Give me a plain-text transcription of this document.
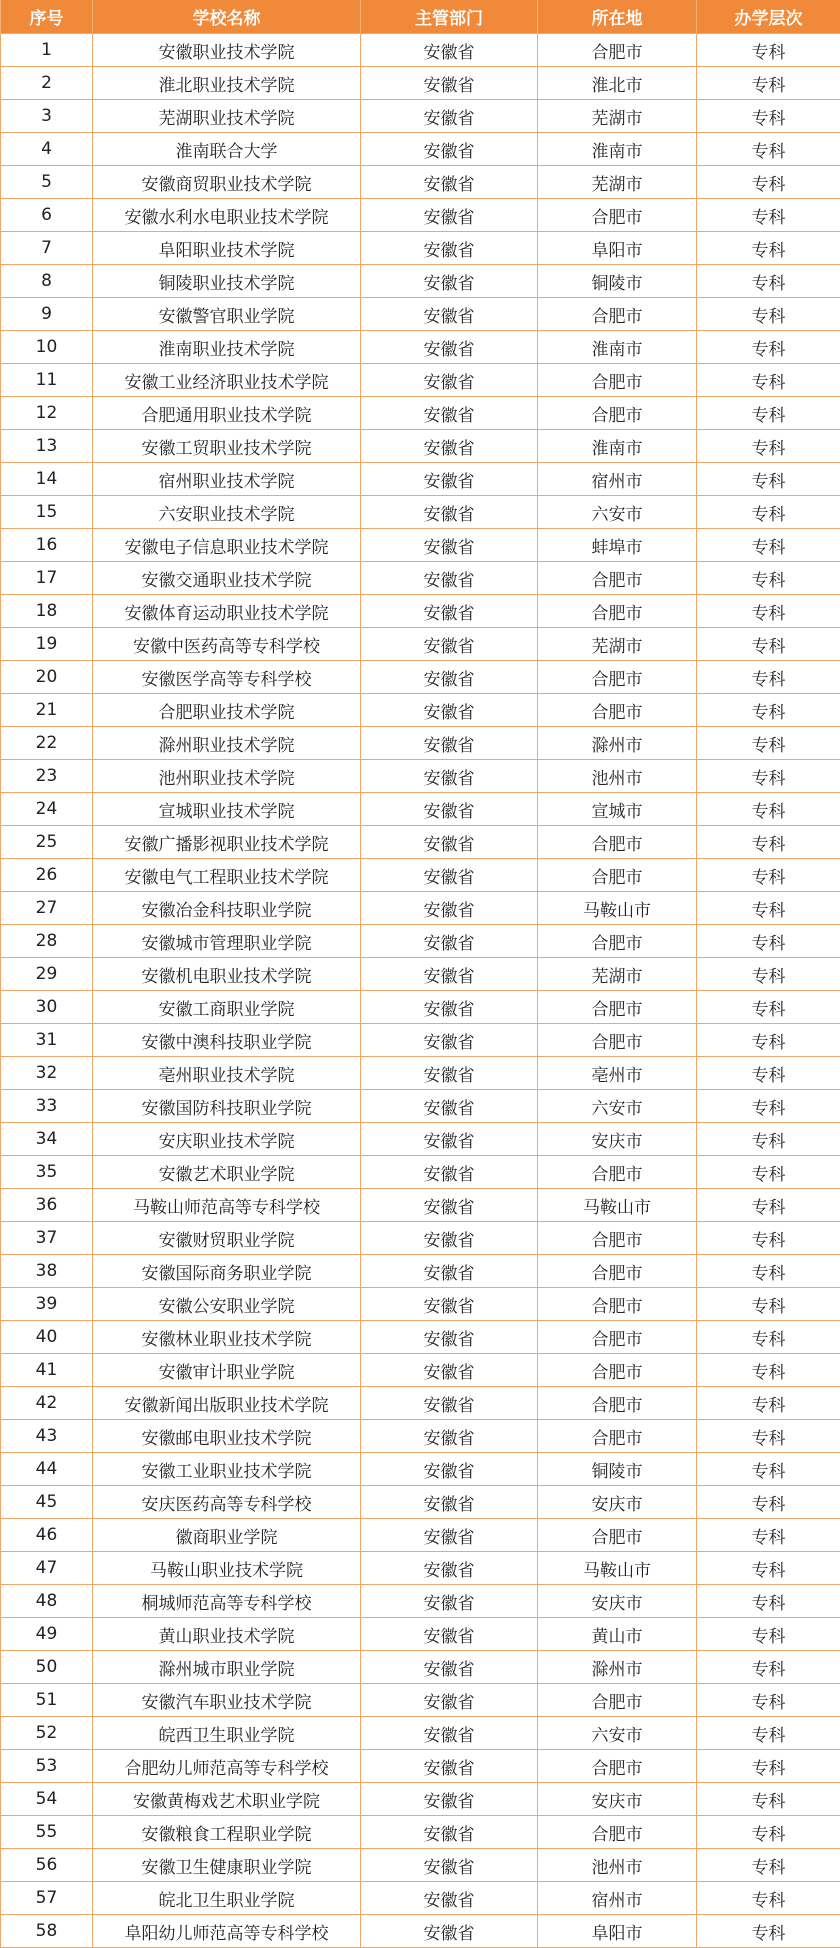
序号	学校名称	主管部门	所在地	办学层次
1	安徽职业技术学院	安徽省	合肥市	专科
2	淮北职业技术学院	安徽省	淮北市	专科
3	芜湖职业技术学院	安徽省	芜湖市	专科
4	淮南联合大学	安徽省	淮南市	专科
5	安徽商贸职业技术学院	安徽省	芜湖市	专科
6	安徽水利水电职业技术学院	安徽省	合肥市	专科
7	阜阳职业技术学院	安徽省	阜阳市	专科
8	铜陵职业技术学院	安徽省	铜陵市	专科
9	安徽警官职业学院	安徽省	合肥市	专科
10	淮南职业技术学院	安徽省	淮南市	专科
11	安徽工业经济职业技术学院	安徽省	合肥市	专科
12	合肥通用职业技术学院	安徽省	合肥市	专科
13	安徽工贸职业技术学院	安徽省	淮南市	专科
14	宿州职业技术学院	安徽省	宿州市	专科
15	六安职业技术学院	安徽省	六安市	专科
16	安徽电子信息职业技术学院	安徽省	蚌埠市	专科
17	安徽交通职业技术学院	安徽省	合肥市	专科
18	安徽体育运动职业技术学院	安徽省	合肥市	专科
19	安徽中医药高等专科学校	安徽省	芜湖市	专科
20	安徽医学高等专科学校	安徽省	合肥市	专科
21	合肥职业技术学院	安徽省	合肥市	专科
22	滁州职业技术学院	安徽省	滁州市	专科
23	池州职业技术学院	安徽省	池州市	专科
24	宣城职业技术学院	安徽省	宣城市	专科
25	安徽广播影视职业技术学院	安徽省	合肥市	专科
26	安徽电气工程职业技术学院	安徽省	合肥市	专科
27	安徽冶金科技职业学院	安徽省	马鞍山市	专科
28	安徽城市管理职业学院	安徽省	合肥市	专科
29	安徽机电职业技术学院	安徽省	芜湖市	专科
30	安徽工商职业学院	安徽省	合肥市	专科
31	安徽中澳科技职业学院	安徽省	合肥市	专科
32	亳州职业技术学院	安徽省	亳州市	专科
33	安徽国防科技职业学院	安徽省	六安市	专科
34	安庆职业技术学院	安徽省	安庆市	专科
35	安徽艺术职业学院	安徽省	合肥市	专科
36	马鞍山师范高等专科学校	安徽省	马鞍山市	专科
37	安徽财贸职业学院	安徽省	合肥市	专科
38	安徽国际商务职业学院	安徽省	合肥市	专科
39	安徽公安职业学院	安徽省	合肥市	专科
40	安徽林业职业技术学院	安徽省	合肥市	专科
41	安徽审计职业学院	安徽省	合肥市	专科
42	安徽新闻出版职业技术学院	安徽省	合肥市	专科
43	安徽邮电职业技术学院	安徽省	合肥市	专科
44	安徽工业职业技术学院	安徽省	铜陵市	专科
45	安庆医药高等专科学校	安徽省	安庆市	专科
46	徽商职业学院	安徽省	合肥市	专科
47	马鞍山职业技术学院	安徽省	马鞍山市	专科
48	桐城师范高等专科学校	安徽省	安庆市	专科
49	黄山职业技术学院	安徽省	黄山市	专科
50	滁州城市职业学院	安徽省	滁州市	专科
51	安徽汽车职业技术学院	安徽省	合肥市	专科
52	皖西卫生职业学院	安徽省	六安市	专科
53	合肥幼儿师范高等专科学校	安徽省	合肥市	专科
54	安徽黄梅戏艺术职业学院	安徽省	安庆市	专科
55	安徽粮食工程职业学院	安徽省	合肥市	专科
56	安徽卫生健康职业学院	安徽省	池州市	专科
57	皖北卫生职业学院	安徽省	宿州市	专科
58	阜阳幼儿师范高等专科学校	安徽省	阜阳市	专科
